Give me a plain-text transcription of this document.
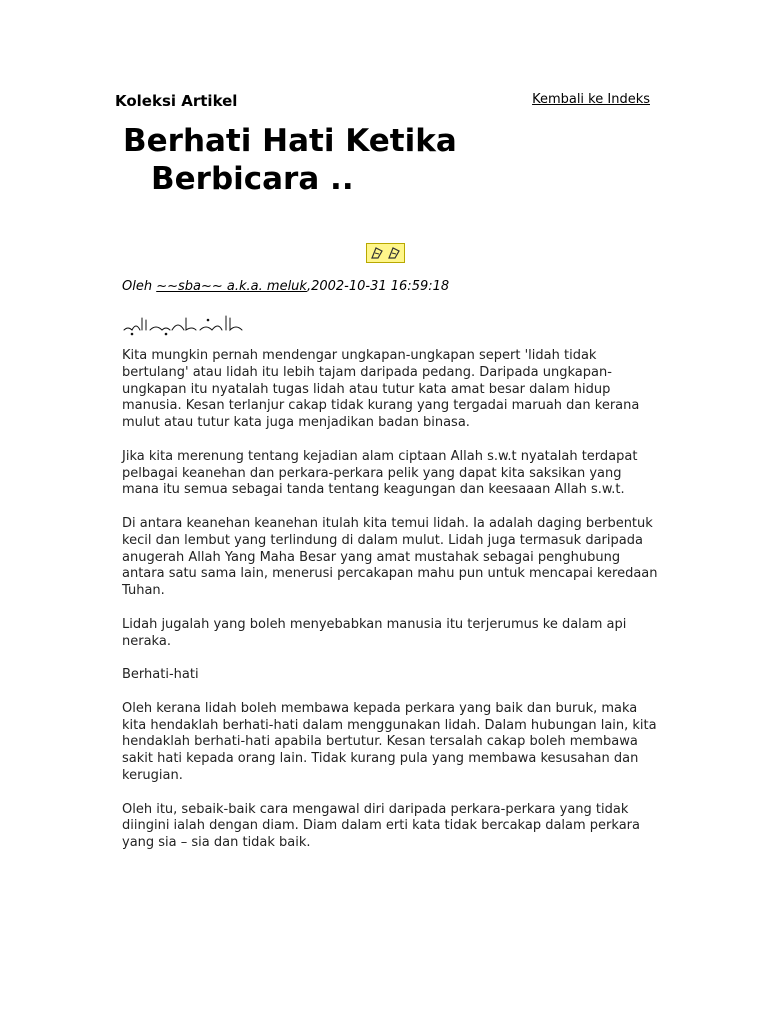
Koleksi Artikel	Kembali ke Indeks
Berhati Hati Ketika
Berbicara ..
Oleh ~~sba~~ a.k.a. meluk,2002-10-31 16:59:18

Kita mungkin pernah mendengar ungkapan-ungkapan sepert 'lidah tidak bertulang' atau lidah itu lebih tajam daripada pedang. Daripada ungkapan-ungkapan itu nyatalah tugas lidah atau tutur kata amat besar dalam hidup manusia. Kesan terlanjur cakap tidak kurang yang tergadai maruah dan kerana mulut atau tutur kata juga menjadikan badan binasa.

Jika kita merenung tentang kejadian alam ciptaan Allah s.w.t nyatalah terdapat pelbagai keanehan dan perkara-perkara pelik yang dapat kita saksikan yang mana itu semua sebagai tanda tentang keagungan dan keesaaan Allah s.w.t.

Di antara keanehan keanehan itulah kita temui lidah. Ia adalah daging berbentuk kecil dan lembut yang terlindung di dalam mulut. Lidah juga termasuk daripada anugerah Allah Yang Maha Besar yang amat mustahak sebagai penghubung antara satu sama lain, menerusi percakapan mahu pun untuk mencapai keredaan Tuhan.

Lidah jugalah yang boleh menyebabkan manusia itu terjerumus ke dalam api neraka.

Berhati-hati

Oleh kerana lidah boleh membawa kepada perkara yang baik dan buruk, maka kita hendaklah berhati-hati dalam menggunakan lidah. Dalam hubungan lain, kita hendaklah berhati-hati apabila bertutur. Kesan tersalah cakap boleh membawa sakit hati kepada orang lain. Tidak kurang pula yang membawa kesusahan dan kerugian.

Oleh itu, sebaik-baik cara mengawal diri daripada perkara-perkara yang tidak diingini ialah dengan diam. Diam dalam erti kata tidak bercakap dalam perkara yang sia – sia dan tidak baik.
